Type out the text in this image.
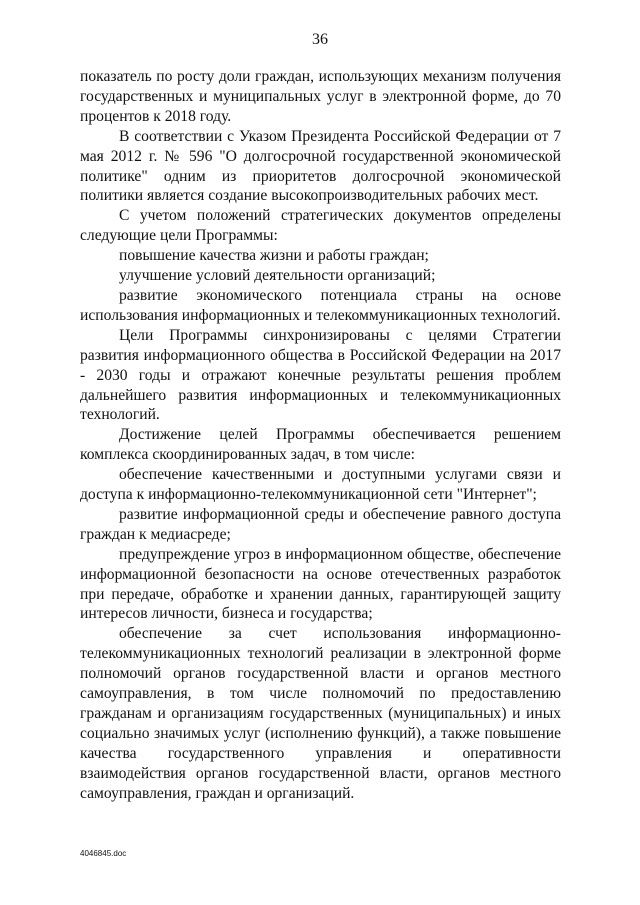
36

показатель по росту доли граждан, использующих механизм получения государственных и муниципальных услуг в электронной форме, до 70 процентов к 2018 году.

В соответствии с Указом Президента Российской Федерации от 7 мая 2012 г. № 596 "О долгосрочной государственной экономической политике" одним из приоритетов долгосрочной экономической политики является создание высокопроизводительных рабочих мест.

С учетом положений стратегических документов определены следующие цели Программы:

повышение качества жизни и работы граждан;

улучшение условий деятельности организаций;

развитие экономического потенциала страны на основе использования информационных и телекоммуникационных технологий.

Цели Программы синхронизированы с целями Стратегии развития информационного общества в Российской Федерации на 2017 - 2030 годы и отражают конечные результаты решения проблем дальнейшего развития информационных и телекоммуникационных технологий.

Достижение целей Программы обеспечивается решением комплекса скоординированных задач, в том числе:

обеспечение качественными и доступными услугами связи и доступа к информационно-телекоммуникационной сети "Интернет";

развитие информационной среды и обеспечение равного доступа граждан к медиасреде;

предупреждение угроз в информационном обществе, обеспечение информационной безопасности на основе отечественных разработок при передаче, обработке и хранении данных, гарантирующей защиту интересов личности, бизнеса и государства;

обеспечение за счет использования информационно-телекоммуникационных технологий реализации в электронной форме полномочий органов государственной власти и органов местного самоуправления, в том числе полномочий по предоставлению гражданам и организациям государственных (муниципальных) и иных социально значимых услуг (исполнению функций), а также повышение качества государственного управления и оперативности взаимодействия органов государственной власти, органов местного самоуправления, граждан и организаций.

4046845.doc
